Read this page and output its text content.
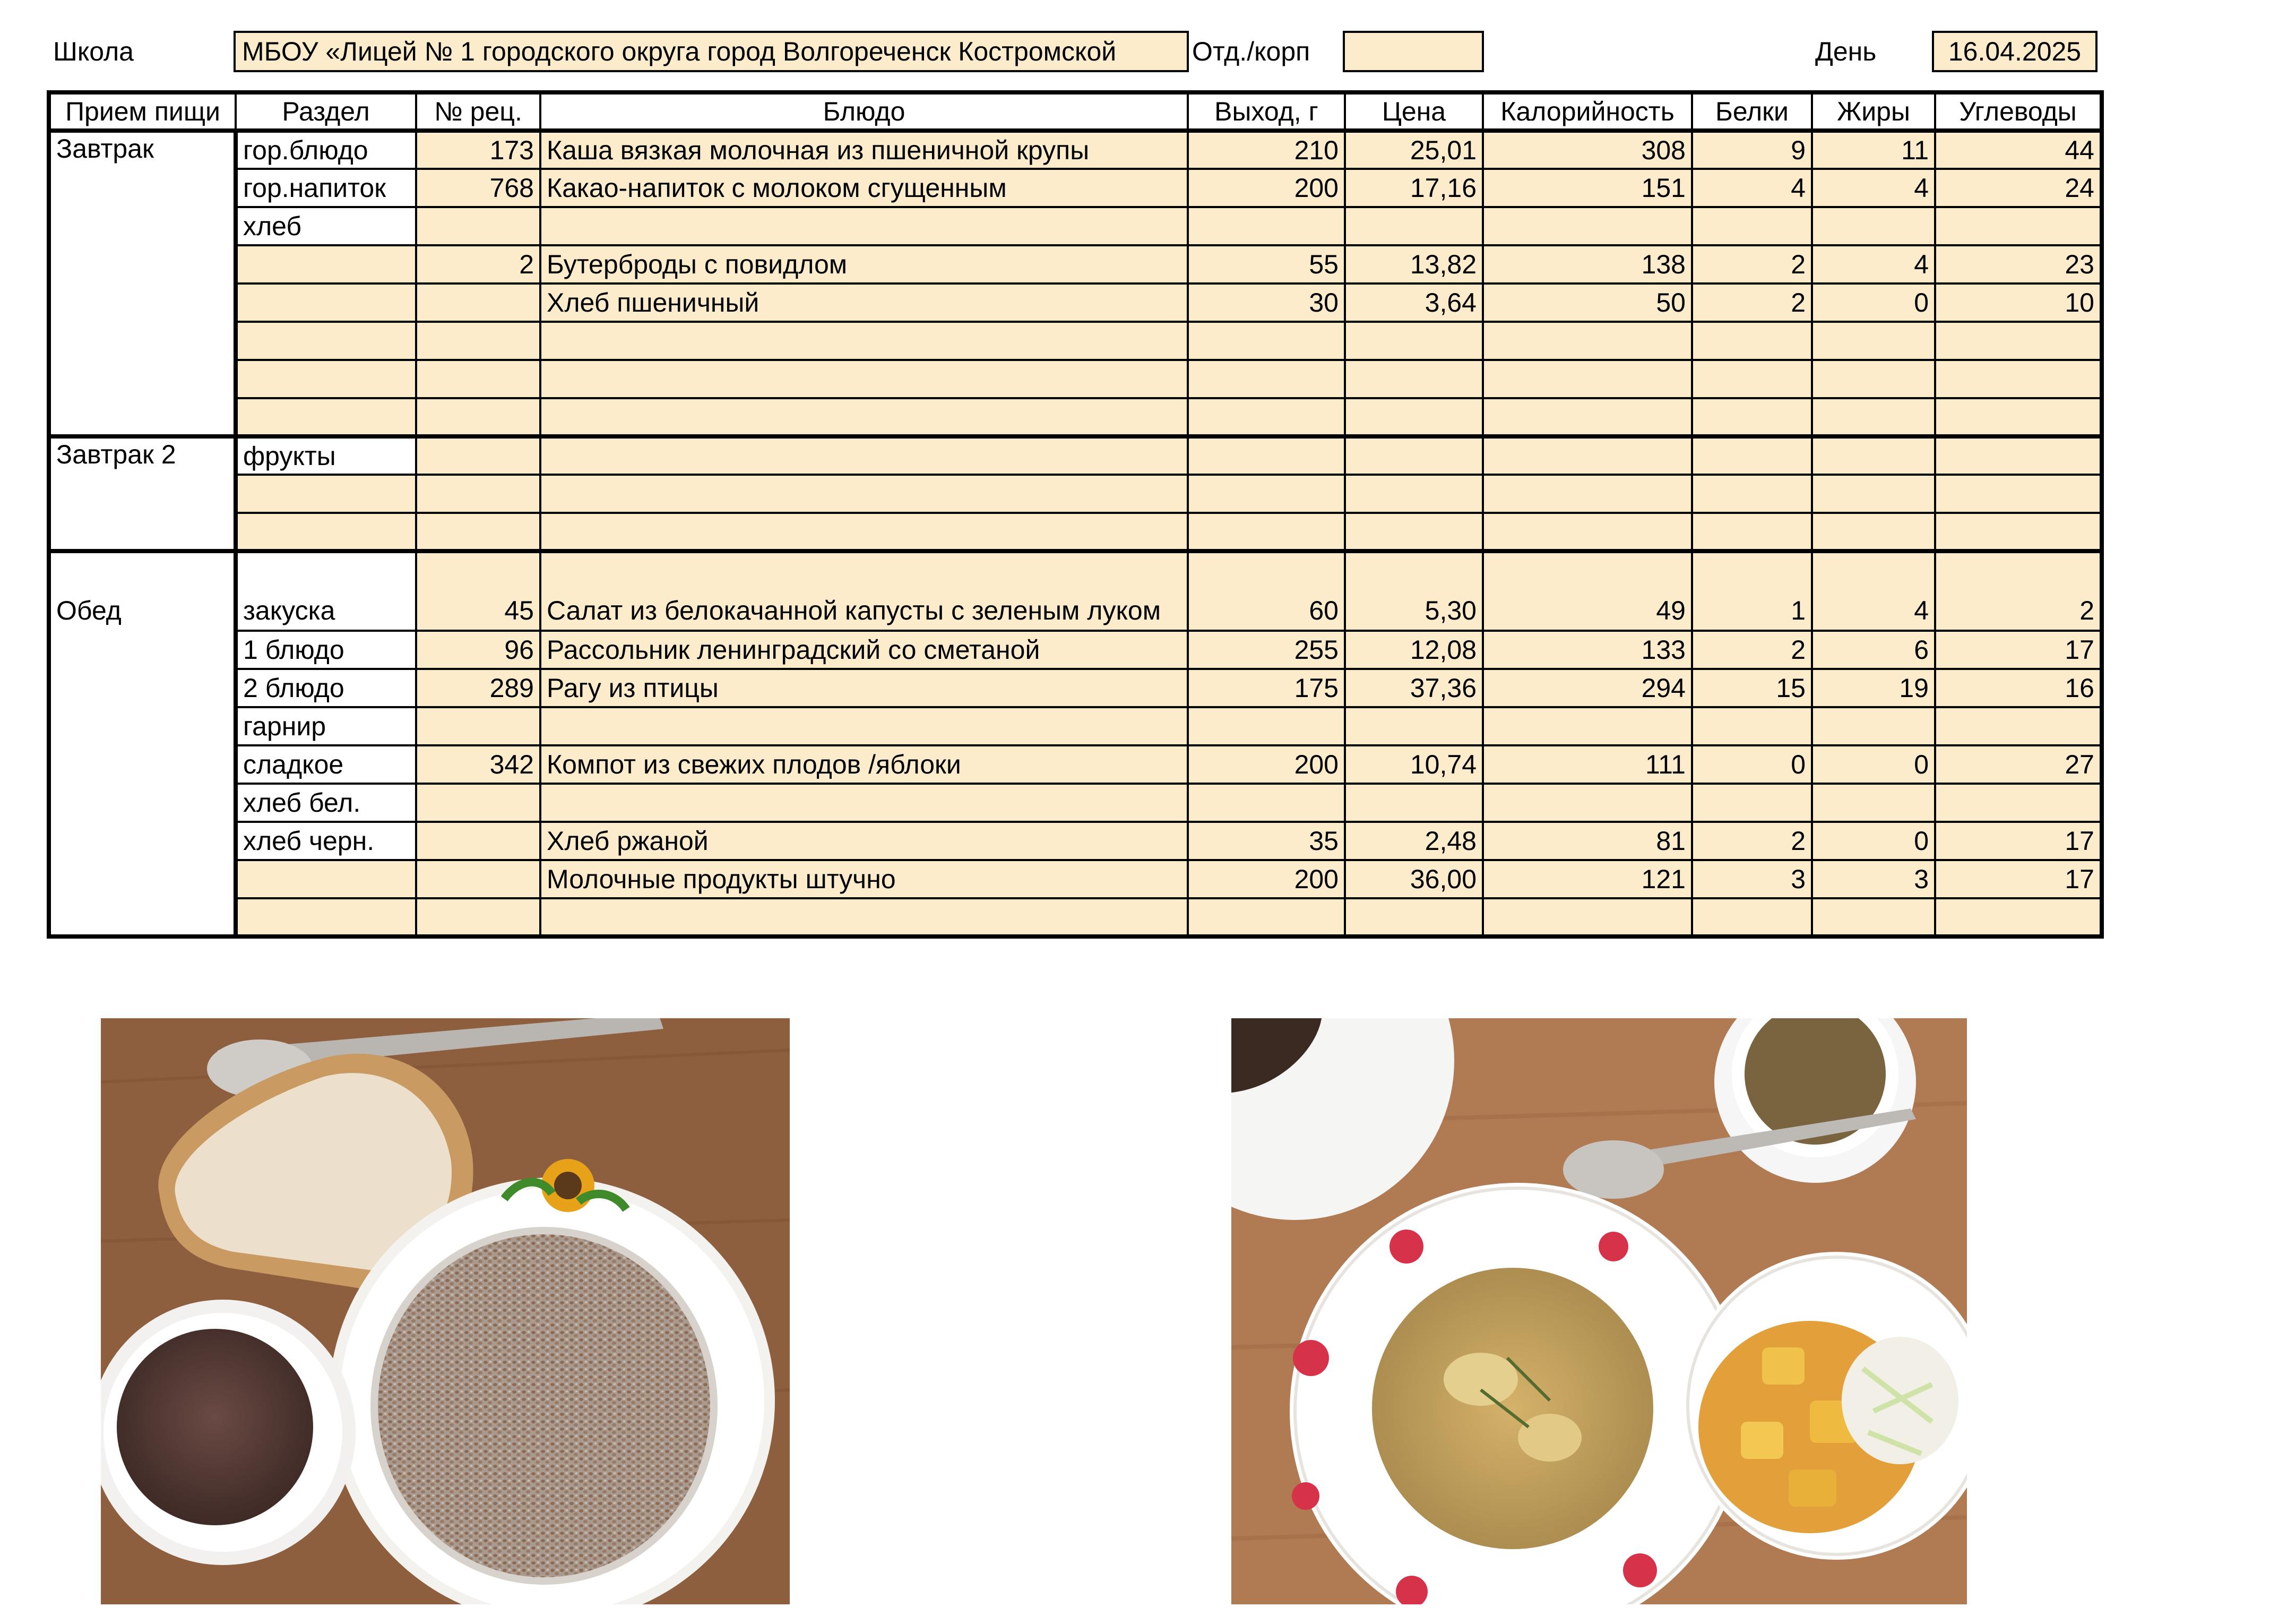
Школа	МБОУ «Лицей № 1 городского округа город Волгореченск Костромской	Отд./корп	День	16.04.2025
Прием пищи	Раздел	№ рец.	Блюдо	Выход, г	Цена	Калорийность	Белки	Жиры	Углеводы
Завтрак	гор.блюдо	173	Каша вязкая молочная из пшеничной крупы	210	25,01	308	9	11	44
	гор.напиток	768	Какао-напиток с молоком сгущенным	200	17,16	151	4	4	24
	хлеб								
		2	Бутерброды с повидлом	55	13,82	138	2	4	23
			Хлеб пшеничный	30	3,64	50	2	0	10

Завтрак 2	фрукты								

Обед	закуска	45	Салат из белокачанной капусты с зеленым луком	60	5,30	49	1	4	2
	1 блюдо	96	Рассольник ленинградский со сметаной	255	12,08	133	2	6	17
	2 блюдо	289	Рагу из птицы	175	37,36	294	15	19	16
	гарнир								
	сладкое	342	Компот из свежих плодов /яблоки	200	10,74	111	0	0	27
	хлеб бел.								
	хлеб черн.		Хлеб ржаной	35	2,48	81	2	0	17
			Молочные продукты штучно	200	36,00	121	3	3	17
